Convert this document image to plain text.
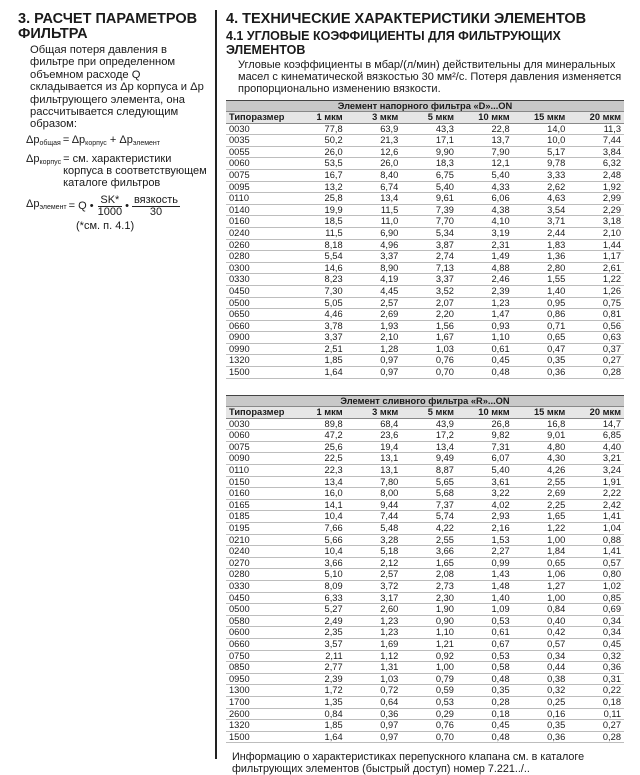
3. РАСЧЕТ ПАРАМЕТРОВ ФИЛЬТРА

Общая потеря давления в фильтре при определенном объемном расходе Q складывается из Δp корпуса и Δp фильтрующего элемента, она рассчитывается следующим образом:

$\Delta p_{общая} = \Delta p_{корпус} + \Delta p_{элемент}$
$\Delta p_{корпус}$ = см. характеристики корпуса в соответствующем каталоге фильтров
$\Delta p_{элемент} = Q$ • $\frac{SK*}{1000}$ • $\frac{\text{вязкость}}{30}$
(*см. п. 4.1)
4. ТЕХНИЧЕСКИЕ ХАРАКТЕРИСТИКИ ЭЛЕМЕНТОВ
4.1 УГЛОВЫЕ КОЭФФИЦИЕНТЫ ДЛЯ ФИЛЬТРУЮЩИХ ЭЛЕМЕНТОВ

Угловые коэффициенты в мбар/(л/мин) действительны для минеральных масел с кинематической вязкостью 30 мм²/с. Потеря давления изменяется пропорционально изменению вязкости.

Элемент напорного фильтра «D»...ON						
Типоразмер	1 мкм	3 мкм	5 мкм	10 мкм	15 мкм	20 мкм
0030	77,8	63,9	43,3	22,8	14,0	11,3
0035	50,2	21,3	17,1	13,7	10,0	7,44
0055	26,0	12,6	9,90	7,90	5,17	3,84
0060	53,5	26,0	18,3	12,1	9,78	6,32
0075	16,7	8,40	6,75	5,40	3,33	2,48
0095	13,2	6,74	5,40	4,33	2,62	1,92
0110	25,8	13,4	9,61	6,06	4,63	2,99
0140	19,9	11,5	7,39	4,38	3,54	2,29
0160	18,5	11,0	7,70	4,10	3,71	3,18
0240	11,5	6,90	5,34	3,19	2,44	2,10
0260	8,18	4,96	3,87	2,31	1,83	1,44
0280	5,54	3,37	2,74	1,49	1,36	1,17
0300	14,6	8,90	7,13	4,88	2,80	2,61
0330	8,23	4,19	3,37	2,46	1,55	1,22
0450	7,30	4,45	3,52	2,39	1,40	1,26
0500	5,05	2,57	2,07	1,23	0,95	0,75
0650	4,46	2,69	2,20	1,47	0,86	0,81
0660	3,78	1,93	1,56	0,93	0,71	0,56
0900	3,37	2,10	1,67	1,10	0,65	0,63
0990	2,51	1,28	1,03	0,61	0,47	0,37
1320	1,85	0,97	0,76	0,45	0,35	0,27
1500	1,64	0,97	0,70	0,48	0,36	0,28
Элемент сливного фильтра «R»...ON						
Типоразмер	1 мкм	3 мкм	5 мкм	10 мкм	15 мкм	20 мкм
0030	89,8	68,4	43,9	26,8	16,8	14,7
0060	47,2	23,6	17,2	9,82	9,01	6,85
0075	25,6	19,4	13,4	7,31	4,80	4,40
0090	22,5	13,1	9,49	6,07	4,30	3,21
0110	22,3	13,1	8,87	5,40	4,26	3,24
0150	13,4	7,80	5,65	3,61	2,55	1,91
0160	16,0	8,00	5,68	3,22	2,69	2,22
0165	14,1	9,44	7,37	4,02	2,25	2,42
0185	10,4	7,44	5,74	2,93	1,65	1,41
0195	7,66	5,48	4,22	2,16	1,22	1,04
0210	5,66	3,28	2,55	1,53	1,00	0,88
0240	10,4	5,18	3,66	2,27	1,84	1,41
0270	3,66	2,12	1,65	0,99	0,65	0,57
0280	5,10	2,57	2,08	1,43	1,06	0,80
0330	8,09	3,72	2,73	1,48	1,27	1,02
0450	6,33	3,17	2,30	1,40	1,00	0,85
0500	5,27	2,60	1,90	1,09	0,84	0,69
0580	2,49	1,23	0,90	0,53	0,40	0,34
0600	2,35	1,23	1,10	0,61	0,42	0,34
0660	3,57	1,69	1,21	0,67	0,57	0,45
0750	2,11	1,12	0,92	0,53	0,34	0,32
0850	2,77	1,31	1,00	0,58	0,44	0,36
0950	2,39	1,03	0,79	0,48	0,38	0,31
1300	1,72	0,72	0,59	0,35	0,32	0,22
1700	1,35	0,64	0,53	0,28	0,25	0,18
2600	0,84	0,36	0,29	0,18	0,16	0,11
1320	1,85	0,97	0,76	0,45	0,35	0,27
1500	1,64	0,97	0,70	0,48	0,36	0,28

Информацию о характеристиках перепускного клапана см. в каталоге фильтрующих элементов (быстрый доступ) номер 7.221../..
